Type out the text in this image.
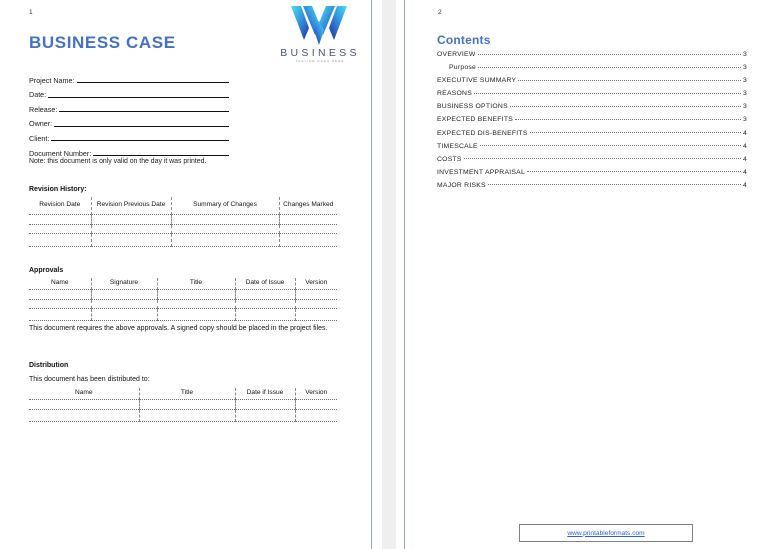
1
BUSINESS CASE
BUSINESS
TAGLINE GOES HERE
Project Name:
Date:
Release:
Owner:
Client:
Document Number:
Note: this document is only valid on the day it was printed.
Revision History:
Revision Date	Revision Previous Date	Summary of Changes	Changes Marked

Approvals
Name	Signature	Title	Date of Issue	Version

This document requires the above approvals. A signed copy should be placed in the project files.
Distribution
This document has been distributed to:
Name	Title	Date if Issue	Version

2
Contents
OVERVIEW	3
Purpose	3
EXECUTIVE SUMMARY	3
REASONS	3
BUSINESS OPTIONS	3
EXPECTED BENEFITS	3
EXPECTED DIS-BENEFITS	4
TIMESCALE	4
COSTS	4
INVESTMENT APPRAISAL	4
MAJOR RISKS	4
www.printableformats.com
